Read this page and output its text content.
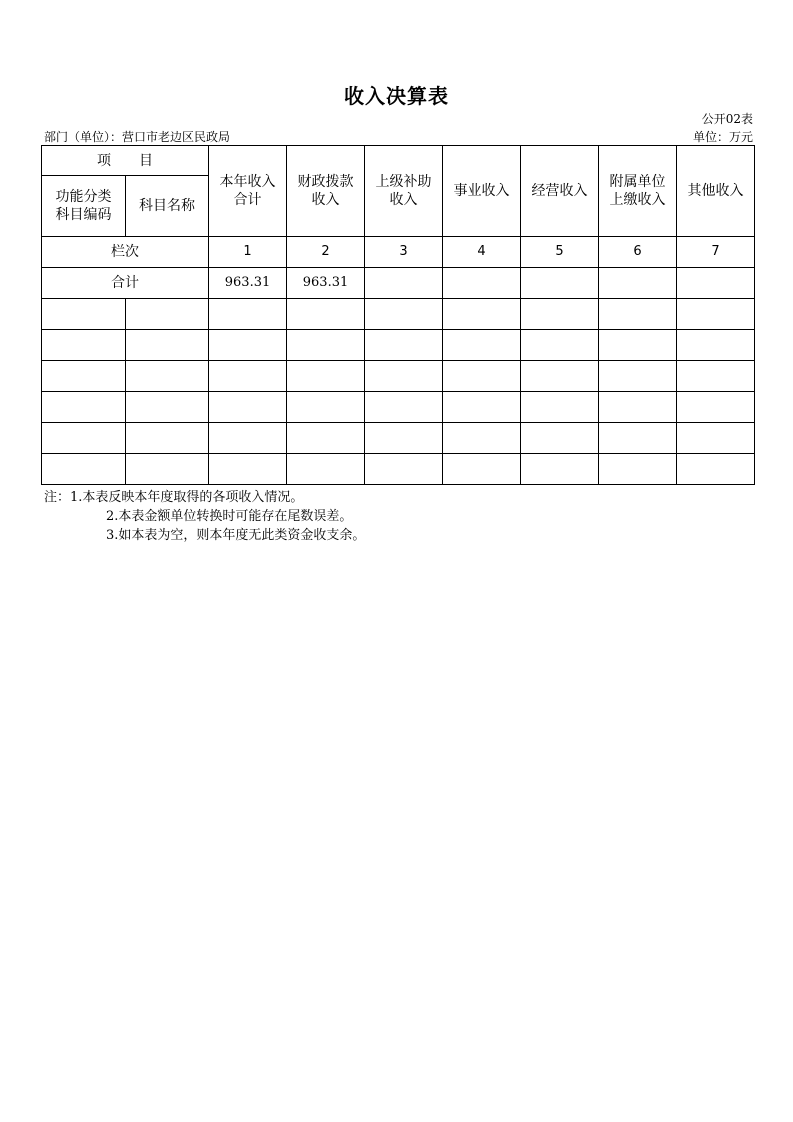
收入决算表
公开02表
部门（单位）：营口市老边区民政局	单位：万元
项　　目		本年收入合计	财政拨款收入	上级补助收入	事业收入	经营收入	附属单位上缴收入	其他收入

功能分类科目编码	科目名称							
栏次		1	2	3	4	5	6	7
合计		963.31	963.31					

注：1.本表反映本年度取得的各项收入情况。
2.本表金额单位转换时可能存在尾数误差。
3.如本表为空，则本年度无此类资金收支余。
